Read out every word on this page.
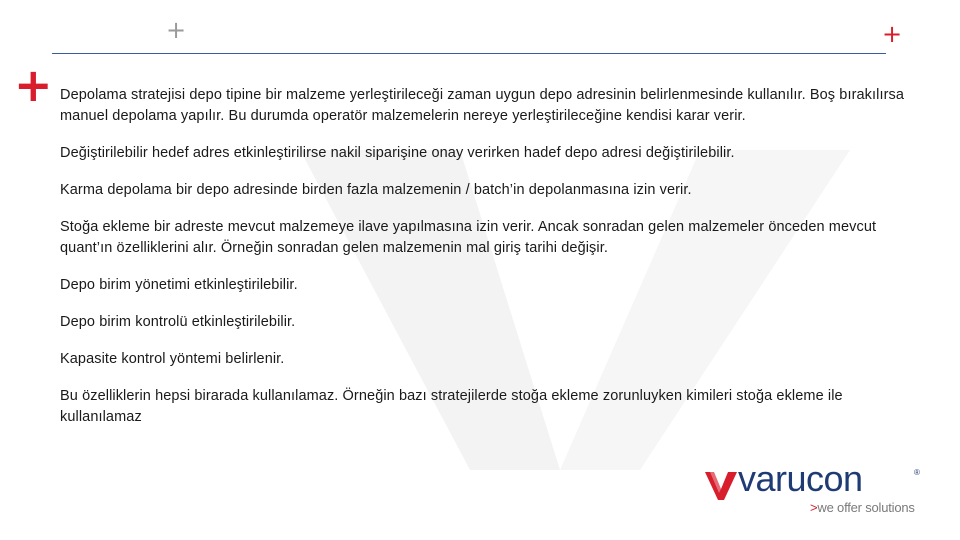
+	+
+ Depolama stratejisi depo tipine bir malzeme yerleştirileceği zaman uygun depo adresinin belirlenmesinde kullanılır. Boş bırakılırsa manuel depolama yapılır. Bu durumda operatör malzemelerin nereye yerleştirileceğine kendisi karar verir.

Değiştirilebilir hedef adres etkinleştirilirse nakil siparişine onay verirken hadef depo adresi değiştirilebilir.

Karma depolama bir depo adresinde birden fazla malzemenin / batch’in depolanmasına izin verir.

Stoğa ekleme bir adreste mevcut malzemeye ilave yapılmasına izin verir. Ancak sonradan gelen malzemeler önceden mevcut quant’ın özelliklerini alır. Örneğin sonradan gelen malzemenin mal giriş tarihi değişir.

Depo birim yönetimi etkinleştirilebilir.

Depo birim kontrolü etkinleştirilebilir.

Kapasite kontrol yöntemi belirlenir.

Bu özelliklerin hepsi birarada kullanılamaz. Örneğin bazı stratejilerde stoğa ekleme zorunluyken kimileri stoğa ekleme ile kullanılamaz

varucon	®
>we offer solutions
